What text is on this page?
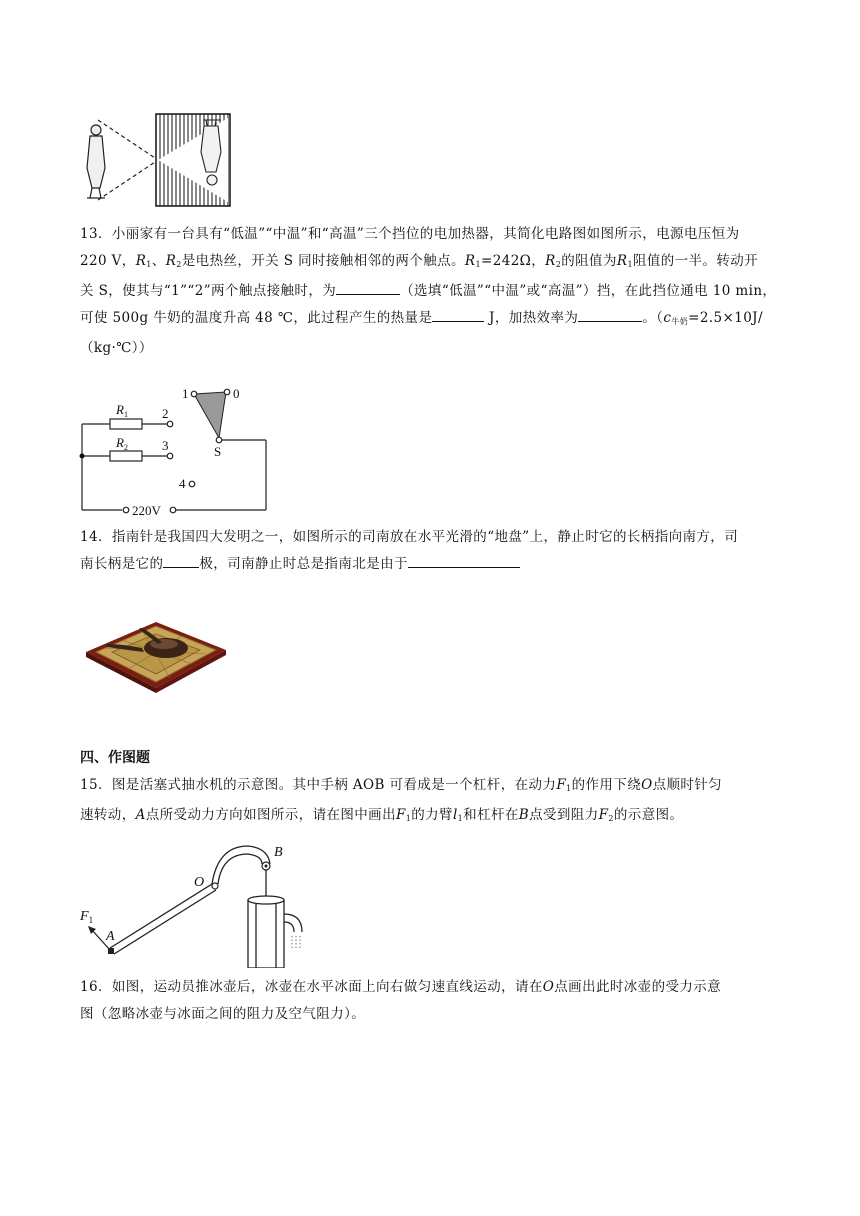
13．小丽家有一台具有“低温”“中温”和“高温”三个挡位的电加热器，其简化电路图如图所示，电源电压恒为
220 V，$R_1$、$R_2$是电热丝，开关 S 同时接触相邻的两个触点。$R_1=242\Omega$，$R_2$的阻值为$R_1$阻值的一半。转动开
关 S，使其与“1”“2”两个触点接触时，为	（选填“低温”“中温”或“高温”）挡，在此挡位通电 10 min，
可使 500g 牛奶的温度升高 48 ℃，此过程产生的热量是	J，加热效率为	。（$c_{牛奶}=2.5\times 10J/$
（kg·℃））
$R_1$
$R_2$
1	0
2
3
4
S
220V
14．指南针是我国四大发明之一，如图所示的司南放在水平光滑的“地盘”上，静止时它的长柄指向南方，司
南长柄是它的	极，司南静止时总是指南北是由于
四、作图题
15．图是活塞式抽水机的示意图。其中手柄 AOB 可看成是一个杠杆，在动力$F_1$的作用下绕O点顺时针匀
速转动，A点所受动力方向如图所示，请在图中画出$F_1$的力臂$l_1$和杠杆在B点受到阻力$F_2$的示意图。
O
B
A
$F_1$
16．如图，运动员推冰壶后，冰壶在水平冰面上向右做匀速直线运动，请在O点画出此时冰壶的受力示意
图（忽略冰壶与冰面之间的阻力及空气阻力）。
